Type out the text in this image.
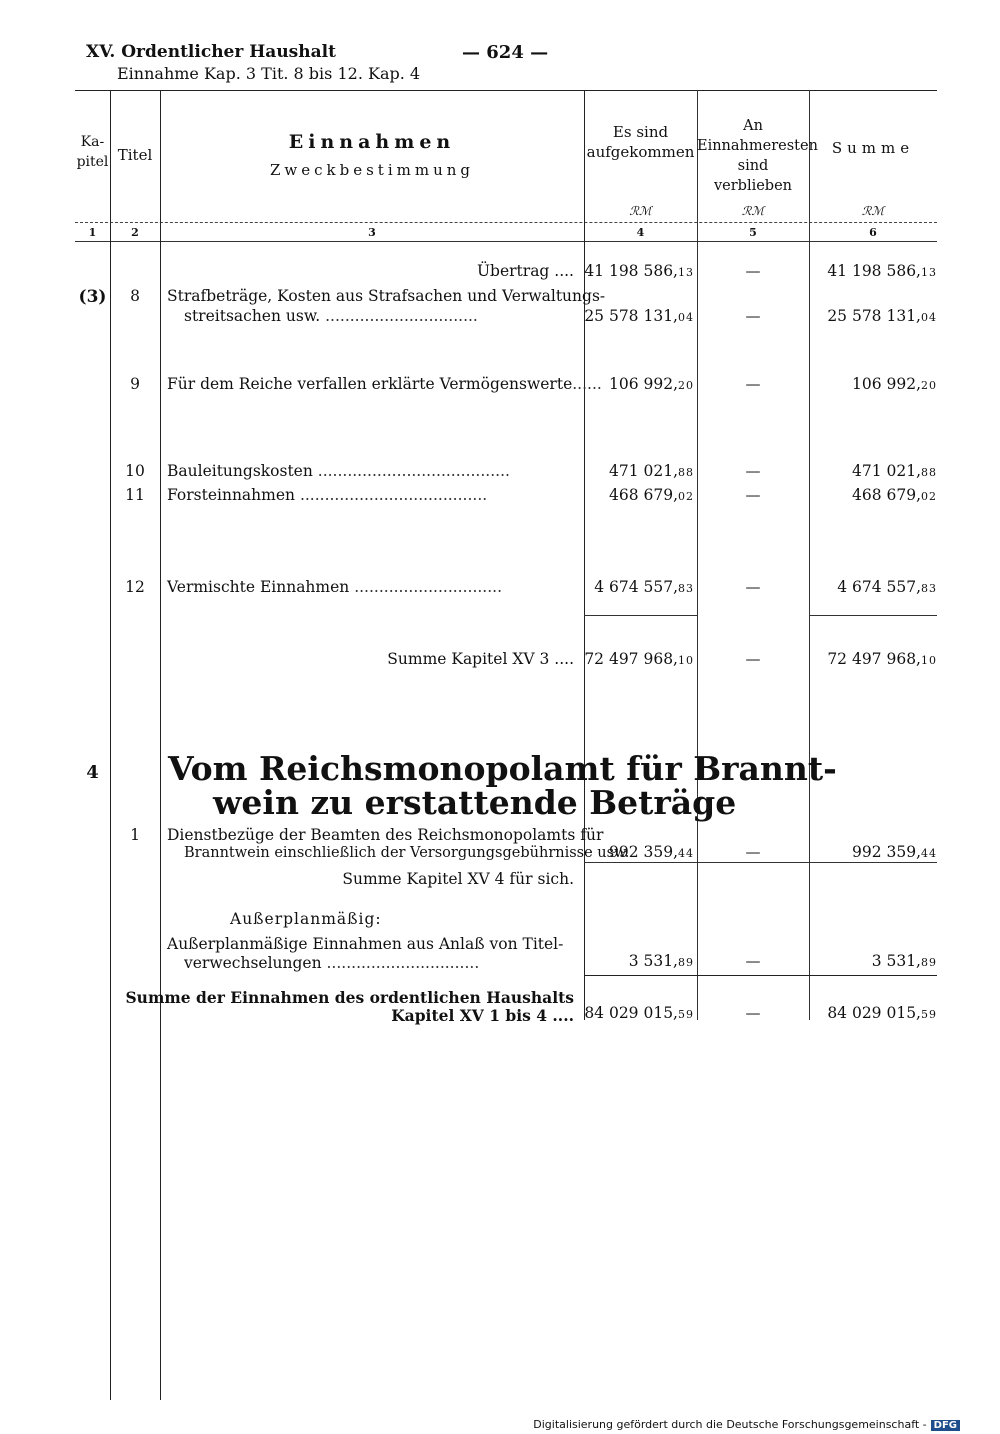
XV. Ordentlicher Haushalt
Einnahme Kap. 3 Tit. 8 bis 12. Kap. 4
— 624 —
Ka-
pitel Titel
Einnahmen
Zweckbestimmung
Es sind
aufgekommen
An
Einnahmeresten
sind verblieben
Summe
ℛℳ	ℛℳ	ℛℳ
1	2	3	4	5	6
Übertrag .... 41 198 586,13	—	41 198 586,13
(3)	8	Strafbeträge, Kosten aus Strafsachen und Verwaltungs-
streitsachen usw. ...............................	25 578 131,04	—	25 578 131,04
9	Für dem Reiche verfallen erklärte Vermögenswerte...... 106 992,20	—	106 992,20
10	Bauleitungskosten .......................................	471 021,88	—	471 021,88
11	Forsteinnahmen ......................................	468 679,02	—	468 679,02
12	Vermischte Einnahmen ..............................	4 674 557,83	—	4 674 557,83
Summe Kapitel XV 3 .... 72 497 968,10	—	72 497 968,10
4	Vom Reichsmonopolamt für Brannt-
wein zu erstattende Beträge
1	Dienstbezüge der Beamten des Reichsmonopolamts für
Branntwein einschließlich der Versorgungsgebührnisse usw.
992 359,44	—	992 359,44
Summe Kapitel XV 4 für sich.
Außerplanmäßig:
Außerplanmäßige Einnahmen aus Anlaß von Titel-
verwechselungen ...............................	3 531,89	—	3 531,89
Summe der Einnahmen des ordentlichen Haushalts
Kapitel XV 1 bis 4 .... 84 029 015,59	—	84 029 015,59
Digitalisierung gefördert durch die Deutsche Forschungsgemeinschaft - DFG
